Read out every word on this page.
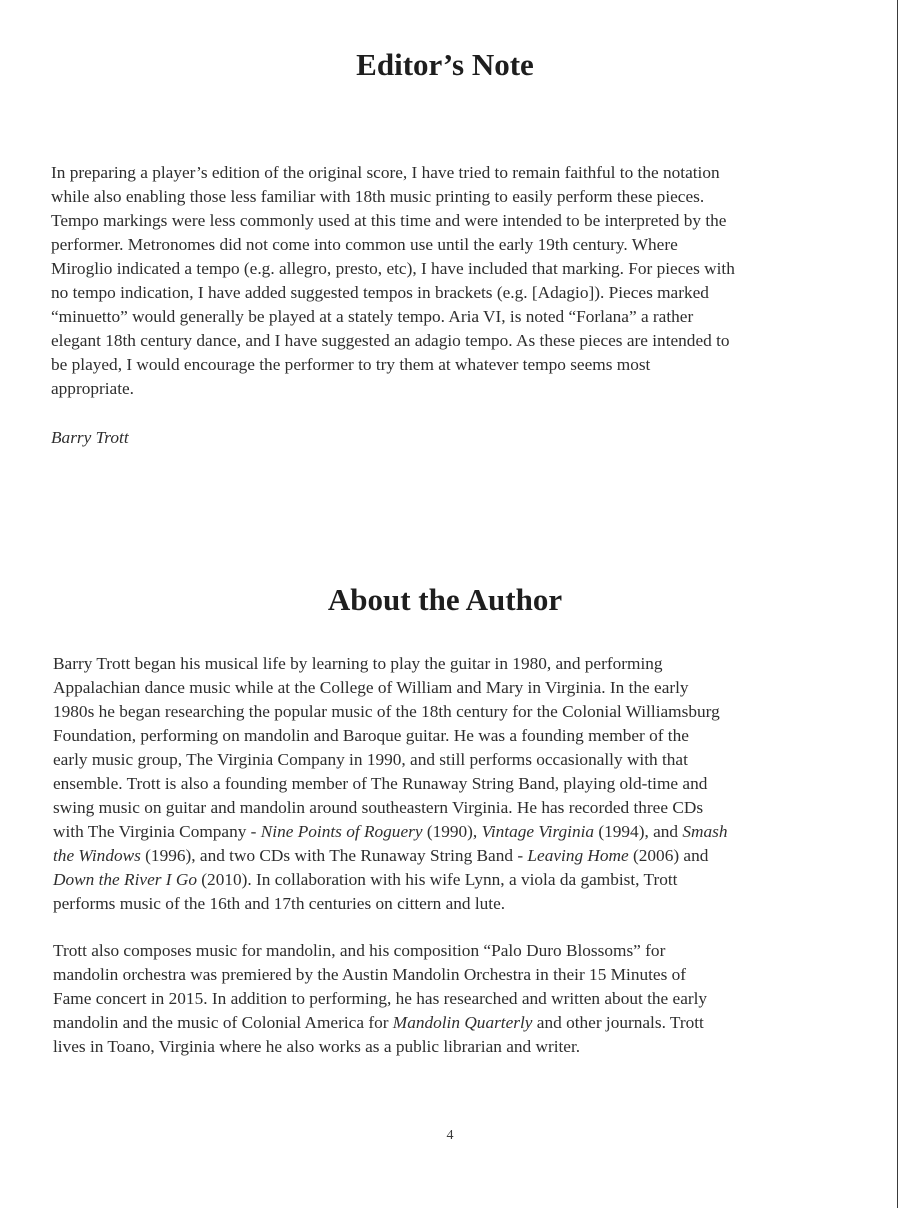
Editor’s Note

In preparing a player’s edition of the original score, I have tried to remain faithful to the notation
while also enabling those less familiar with 18th music printing to easily perform these pieces.
Tempo markings were less commonly used at this time and were intended to be interpreted by the
performer. Metronomes did not come into common use until the early 19th century. Where
Miroglio indicated a tempo (e.g. allegro, presto, etc), I have included that marking. For pieces with
no tempo indication, I have added suggested tempos in brackets (e.g. [Adagio]). Pieces marked
“minuetto” would generally be played at a stately tempo. Aria VI, is noted “Forlana” a rather
elegant 18th century dance, and I have suggested an adagio tempo. As these pieces are intended to
be played, I would encourage the performer to try them at whatever tempo seems most
appropriate.

Barry Trott

About the Author

Barry Trott began his musical life by learning to play the guitar in 1980, and performing
Appalachian dance music while at the College of William and Mary in Virginia. In the early
1980s he began researching the popular music of the 18th century for the Colonial Williamsburg
Foundation, performing on mandolin and Baroque guitar. He was a founding member of the
early music group, The Virginia Company in 1990, and still performs occasionally with that
ensemble. Trott is also a founding member of The Runaway String Band, playing old-time and
swing music on guitar and mandolin around southeastern Virginia. He has recorded three CDs
with The Virginia Company - Nine Points of Roguery (1990), Vintage Virginia (1994), and Smash
the Windows (1996), and two CDs with The Runaway String Band - Leaving Home (2006) and
Down the River I Go (2010). In collaboration with his wife Lynn, a viola da gambist, Trott
performs music of the 16th and 17th centuries on cittern and lute.

Trott also composes music for mandolin, and his composition “Palo Duro Blossoms” for
mandolin orchestra was premiered by the Austin Mandolin Orchestra in their 15 Minutes of
Fame concert in 2015. In addition to performing, he has researched and written about the early
mandolin and the music of Colonial America for Mandolin Quarterly and other journals. Trott
lives in Toano, Virginia where he also works as a public librarian and writer.

4
